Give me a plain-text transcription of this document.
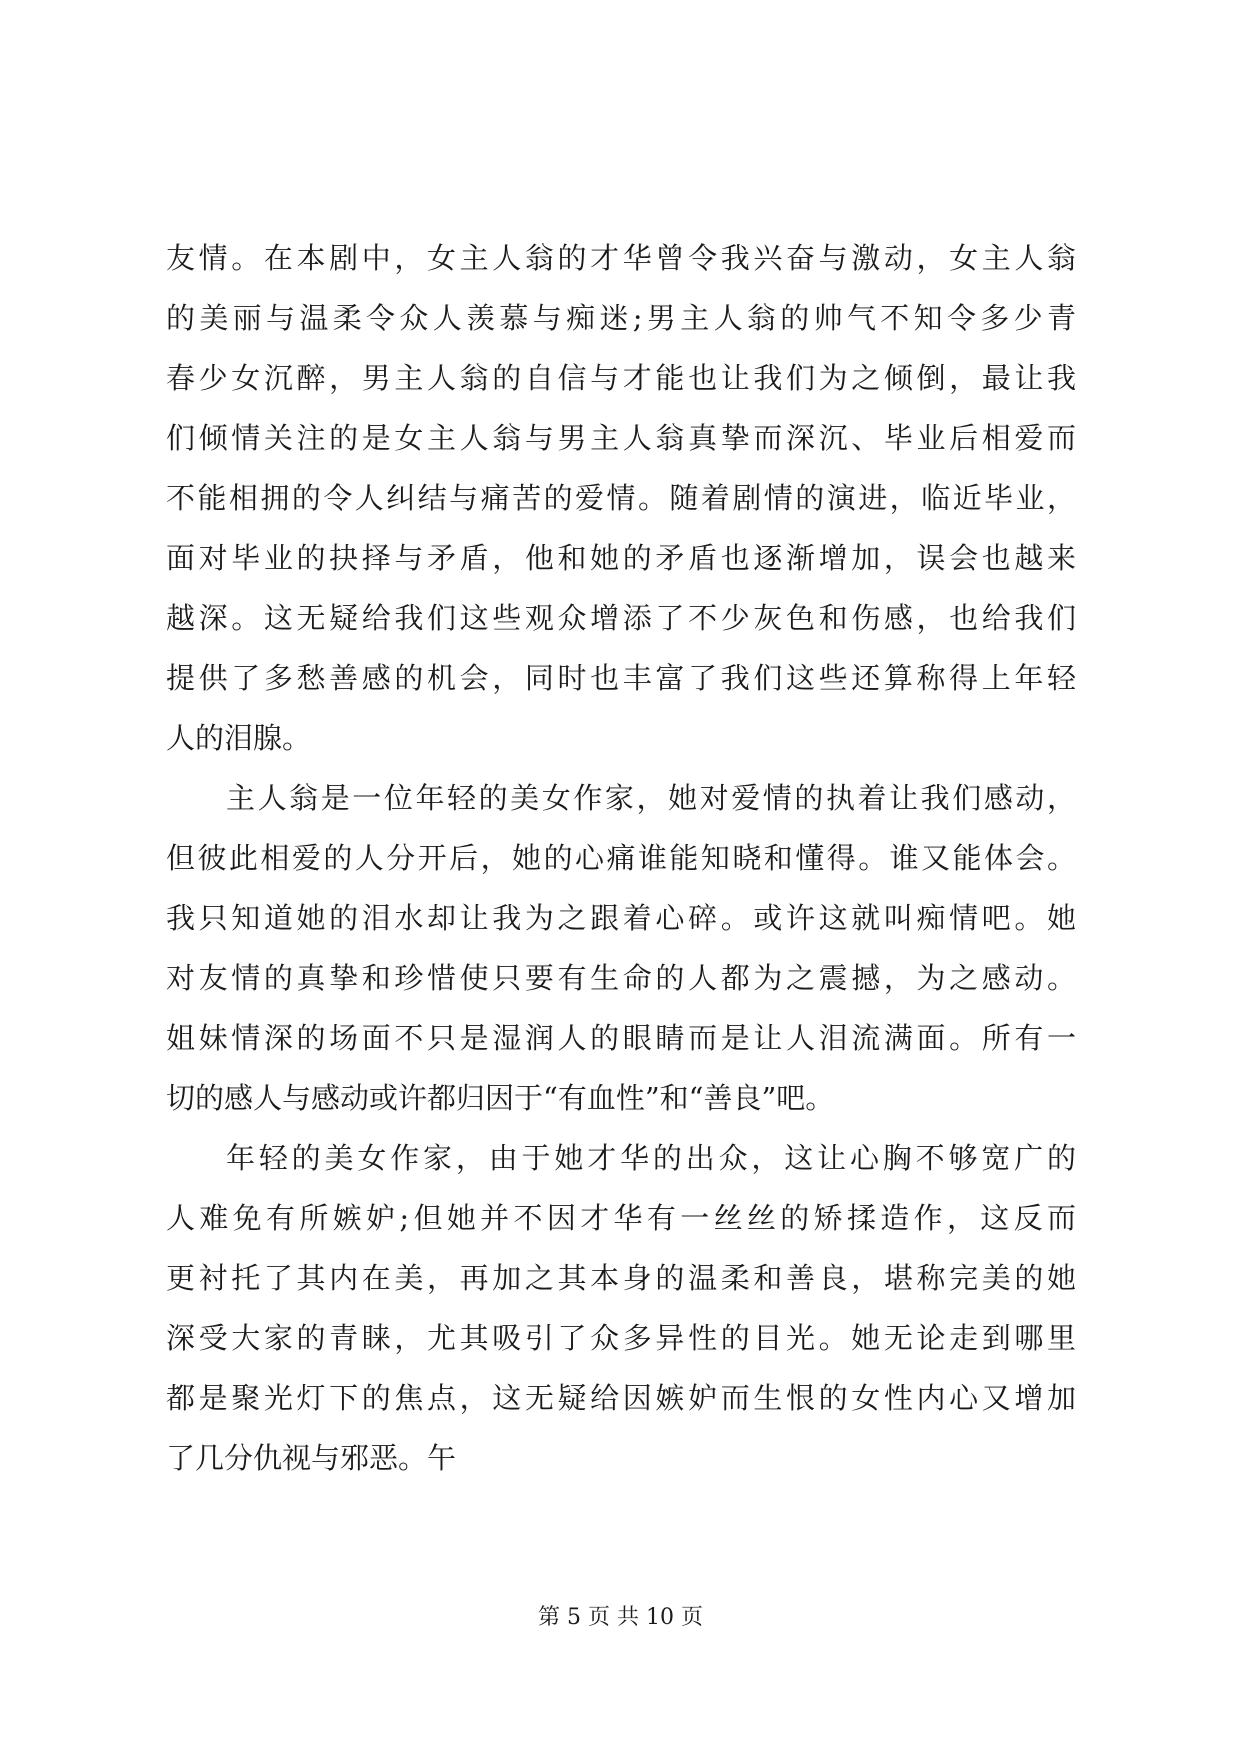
友情。在本剧中，女主人翁的才华曾令我兴奋与激动，女主人翁
的美丽与温柔令众人羡慕与痴迷;男主人翁的帅气不知令多少青
春少女沉醉，男主人翁的自信与才能也让我们为之倾倒，最让我
们倾情关注的是女主人翁与男主人翁真挚而深沉、毕业后相爱而
不能相拥的令人纠结与痛苦的爱情。随着剧情的演进，临近毕业，
面对毕业的抉择与矛盾，他和她的矛盾也逐渐增加，误会也越来
越深。这无疑给我们这些观众增添了不少灰色和伤感，也给我们
提供了多愁善感的机会，同时也丰富了我们这些还算称得上年轻
人的泪腺。
主人翁是一位年轻的美女作家，她对爱情的执着让我们感动，
但彼此相爱的人分开后，她的心痛谁能知晓和懂得。谁又能体会。
我只知道她的泪水却让我为之跟着心碎。或许这就叫痴情吧。她
对友情的真挚和珍惜使只要有生命的人都为之震撼，为之感动。
姐妹情深的场面不只是湿润人的眼睛而是让人泪流满面。所有一
切的感人与感动或许都归因于“有血性”和“善良”吧。
年轻的美女作家，由于她才华的出众，这让心胸不够宽广的
人难免有所嫉妒;但她并不因才华有一丝丝的矫揉造作，这反而
更衬托了其内在美，再加之其本身的温柔和善良，堪称完美的她
深受大家的青睐，尤其吸引了众多异性的目光。她无论走到哪里
都是聚光灯下的焦点，这无疑给因嫉妒而生恨的女性内心又增加
了几分仇视与邪恶。午
第 5 页 共 10 页
